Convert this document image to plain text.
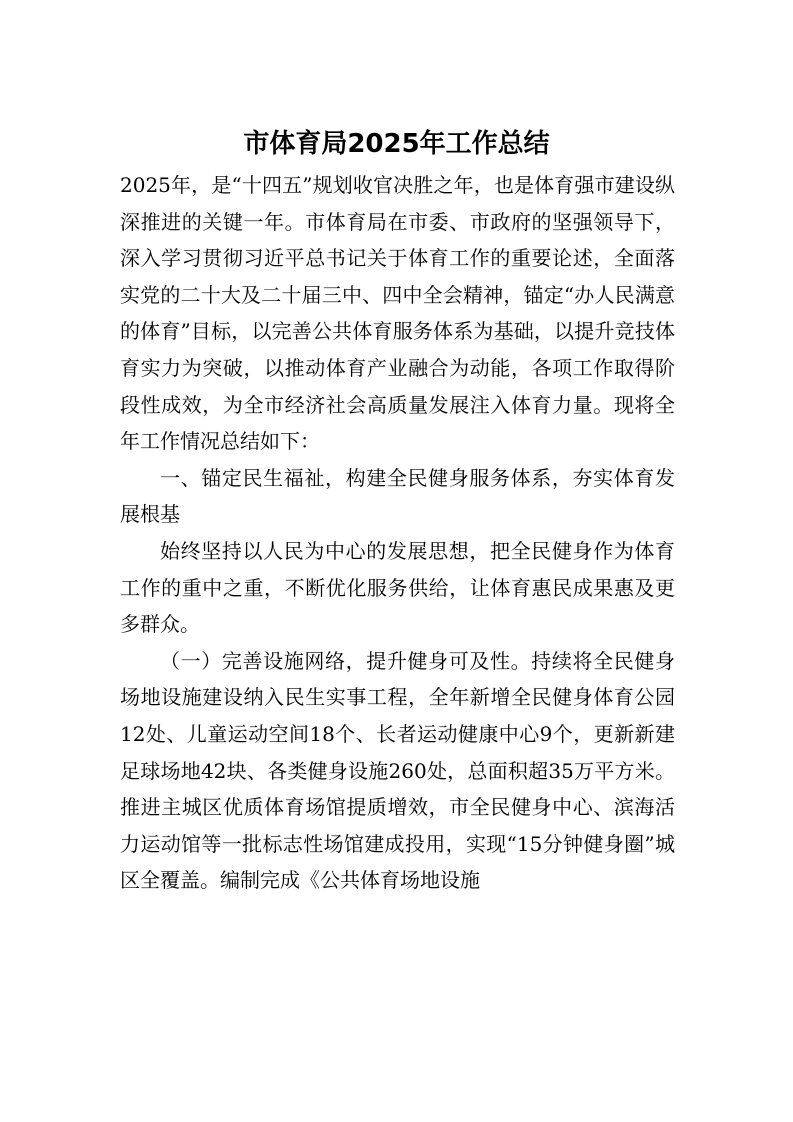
市体育局2025年工作总结

2025年，是“十四五”规划收官决胜之年，也是体育强市建设纵深推进的关键一年。市体育局在市委、市政府的坚强领导下，深入学习贯彻习近平总书记关于体育工作的重要论述，全面落实党的二十大及二十届三中、四中全会精神，锚定“办人民满意的体育”目标，以完善公共体育服务体系为基础，以提升竞技体育实力为突破，以推动体育产业融合为动能，各项工作取得阶段性成效，为全市经济社会高质量发展注入体育力量。现将全年工作情况总结如下：

一、锚定民生福祉，构建全民健身服务体系，夯实体育发展根基

始终坚持以人民为中心的发展思想，把全民健身作为体育工作的重中之重，不断优化服务供给，让体育惠民成果惠及更多群众。

（一）完善设施网络，提升健身可及性。持续将全民健身场地设施建设纳入民生实事工程，全年新增全民健身体育公园12处、儿童运动空间18个、长者运动健康中心9个，更新新建足球场地42块、各类健身设施260处，总面积超35万平方米。推进主城区优质体育场馆提质增效，市全民健身中心、滨海活力运动馆等一批标志性场馆建成投用，实现“15分钟健身圈”城区全覆盖。编制完成《公共体育场地设施
